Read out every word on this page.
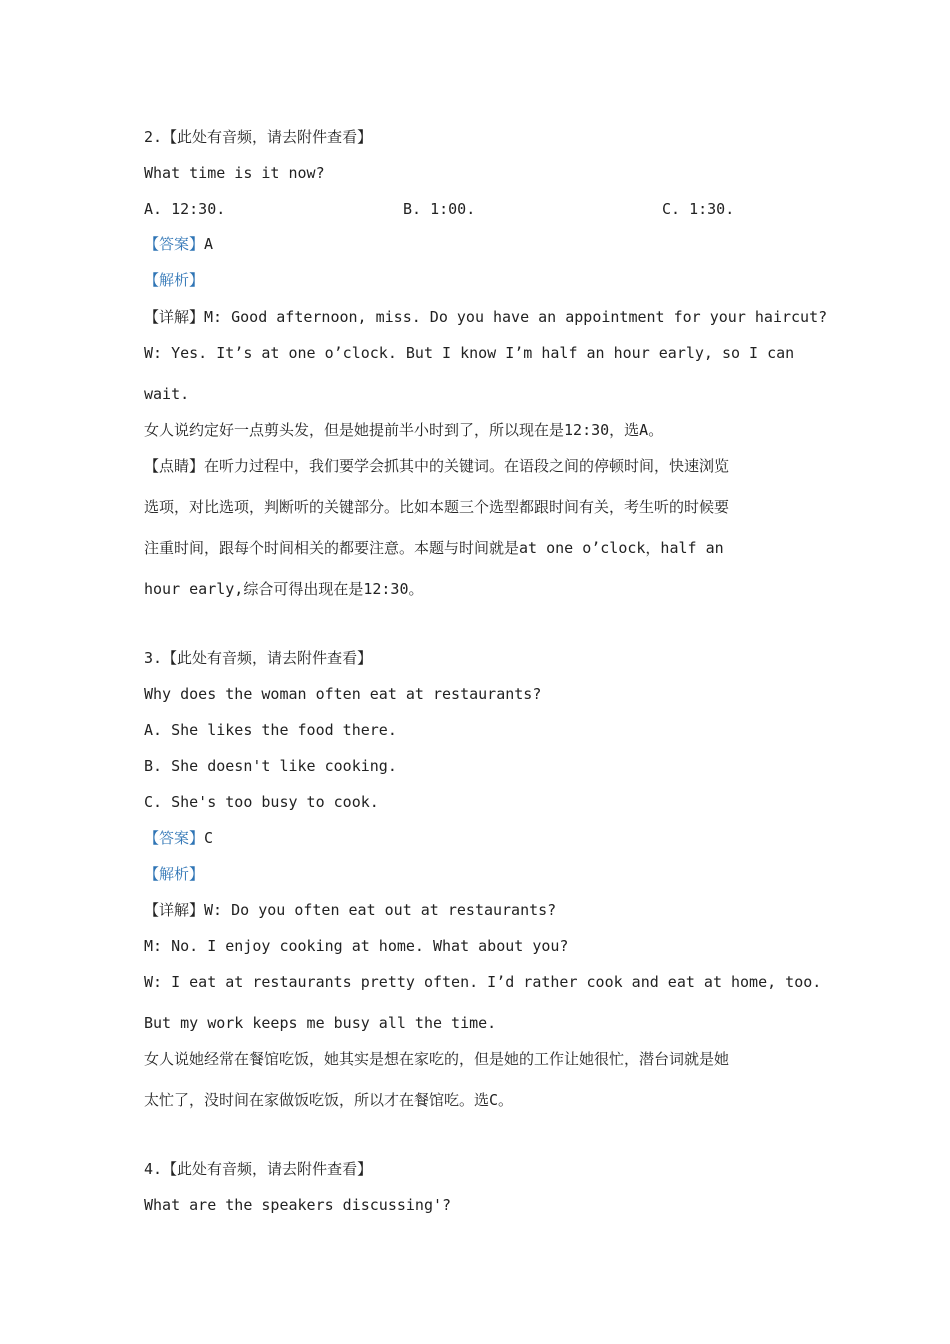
2.【此处有音频，请去附件查看】
What time is it now?
A. 12:30.	B. 1:00.	C. 1:30.
【答案】A
【解析】
【详解】M: Good afternoon, miss. Do you have an appointment for your haircut?
W: Yes. It’s at one o’clock. But I know I’m half an hour early, so I can
wait.
女人说约定好一点剪头发，但是她提前半小时到了，所以现在是12:30，选A。
【点睛】在听力过程中，我们要学会抓其中的关键词。在语段之间的停顿时间，快速浏览
选项，对比选项，判断听的关键部分。比如本题三个选型都跟时间有关，考生听的时候要
注重时间，跟每个时间相关的都要注意。本题与时间就是at one o’clock，half an
hour early,综合可得出现在是12:30。
3.【此处有音频，请去附件查看】
Why does the woman often eat at restaurants?
A. She likes the food there.
B. She doesn't like cooking.
C. She's too busy to cook.
【答案】C
【解析】
【详解】W: Do you often eat out at restaurants?
M: No. I enjoy cooking at home. What about you?
W: I eat at restaurants pretty often. I’d rather cook and eat at home, too.
But my work keeps me busy all the time.
女人说她经常在餐馆吃饭，她其实是想在家吃的，但是她的工作让她很忙，潜台词就是她
太忙了，没时间在家做饭吃饭，所以才在餐馆吃。选C。
4.【此处有音频，请去附件查看】
What are the speakers discussing'?
